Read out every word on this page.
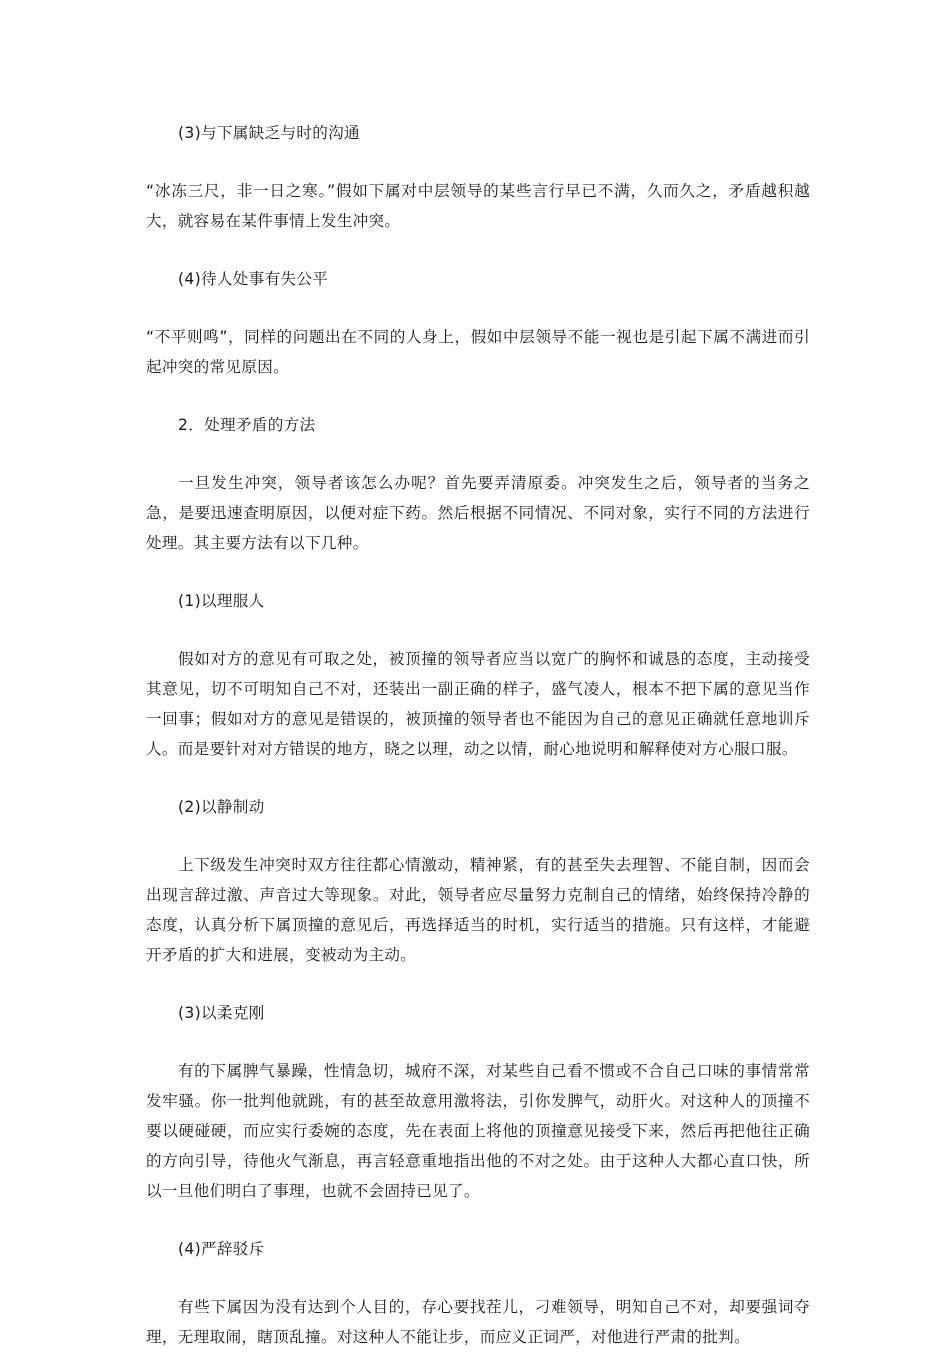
(3)与下属缺乏与时的沟通

“冰冻三尺，非一日之寒。”假如下属对中层领导的某些言行早已不满，久而久之，矛盾越积越大，就容易在某件事情上发生冲突。

(4)待人处事有失公平

“不平则鸣”，同样的问题出在不同的人身上，假如中层领导不能一视也是引起下属不满进而引起冲突的常见原因。

2．处理矛盾的方法

一旦发生冲突，领导者该怎么办呢？首先要弄清原委。冲突发生之后，领导者的当务之急，是要迅速查明原因，以便对症下药。然后根据不同情况、不同对象，实行不同的方法进行处理。其主要方法有以下几种。

(1)以理服人

假如对方的意见有可取之处，被顶撞的领导者应当以宽广的胸怀和诚恳的态度，主动接受其意见，切不可明知自己不对，还装出一副正确的样子，盛气凌人，根本不把下属的意见当作一回事；假如对方的意见是错误的，被顶撞的领导者也不能因为自己的意见正确就任意地训斥人。而是要针对对方错误的地方，晓之以理，动之以情，耐心地说明和解释使对方心服口服。

(2)以静制动

上下级发生冲突时双方往往都心情激动，精神紧，有的甚至失去理智、不能自制，因而会出现言辞过激、声音过大等现象。对此，领导者应尽量努力克制自己的情绪，始终保持冷静的态度，认真分析下属顶撞的意见后，再选择适当的时机，实行适当的措施。只有这样，才能避开矛盾的扩大和进展，变被动为主动。

(3)以柔克刚

有的下属脾气暴躁，性情急切，城府不深，对某些自己看不惯或不合自己口味的事情常常发牢骚。你一批判他就跳，有的甚至故意用激将法，引你发脾气，动肝火。对这种人的顶撞不要以硬碰硬，而应实行委婉的态度，先在表面上将他的顶撞意见接受下来，然后再把他往正确的方向引导，待他火气渐息，再言轻意重地指出他的不对之处。由于这种人大都心直口快，所以一旦他们明白了事理，也就不会固持已见了。

(4)严辞驳斥

有些下属因为没有达到个人目的，存心要找茬儿，刁难领导，明知自己不对，却要强词夺理，无理取闹，瞎顶乱撞。对这种人不能让步，而应义正词严，对他进行严肃的批判。
